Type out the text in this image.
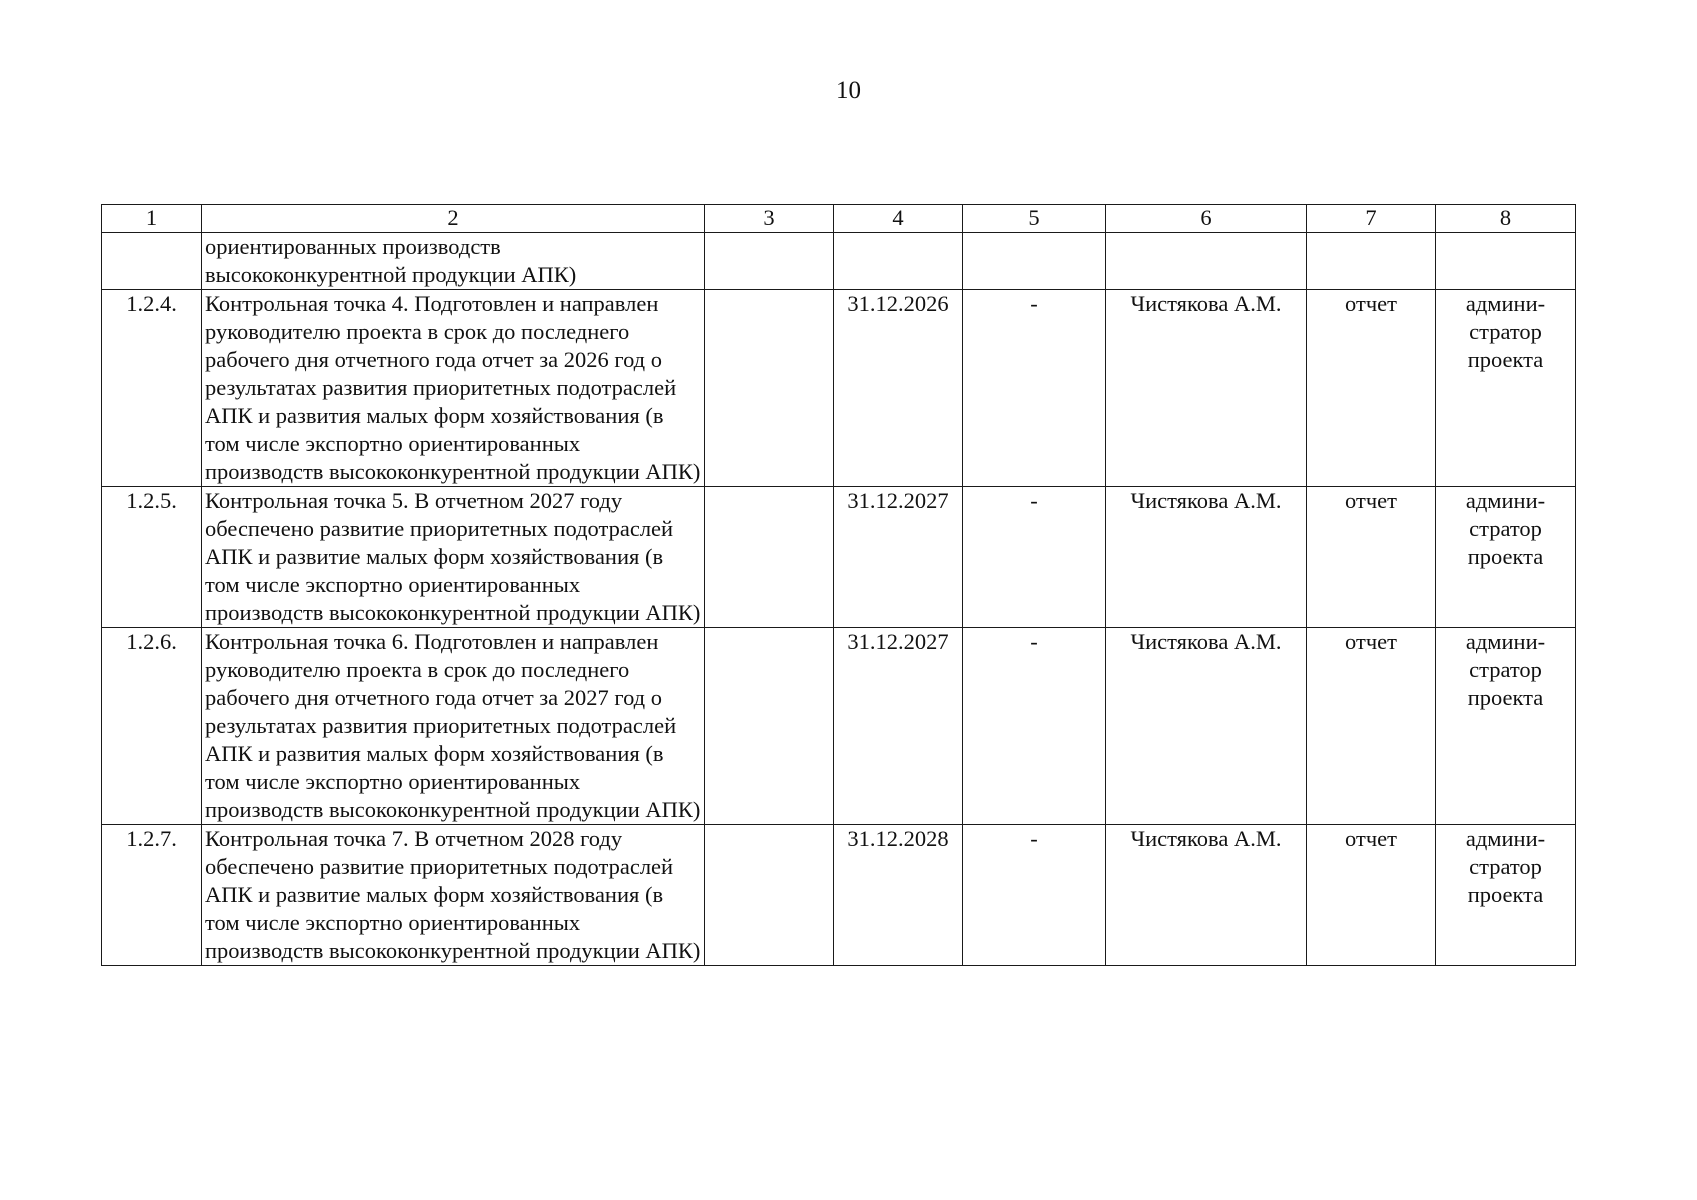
10
1	2	3	4	5	6	7	8
	ориентированных производств высококонкурентной продукции АПК)						
1.2.4.	Контрольная точка 4. Подготовлен и направлен руководителю проекта в срок до последнего рабочего дня отчетного года отчет за 2026 год о результатах развития приоритетных подотраслей АПК и развития малых форм хозяйствования (в том числе экспортно ориентированных производств высококонкурентной продукции АПК)		31.12.2026	-	Чистякова А.М.	отчет	админи-стратор проекта
1.2.5.	Контрольная точка 5. В отчетном 2027 году обеспечено развитие приоритетных подотраслей АПК и развитие малых форм хозяйствования (в том числе экспортно ориентированных производств высококонкурентной продукции АПК)		31.12.2027	-	Чистякова А.М.	отчет	админи-стратор проекта
1.2.6.	Контрольная точка 6. Подготовлен и направлен руководителю проекта в срок до последнего рабочего дня отчетного года отчет за 2027 год о результатах развития приоритетных подотраслей АПК и развития малых форм хозяйствования (в том числе экспортно ориентированных производств высококонкурентной продукции АПК)		31.12.2027	-	Чистякова А.М.	отчет	админи-стратор проекта
1.2.7.	Контрольная точка 7. В отчетном 2028 году обеспечено развитие приоритетных подотраслей АПК и развитие малых форм хозяйствования (в том числе экспортно ориентированных производств высококонкурентной продукции АПК)		31.12.2028	-	Чистякова А.М.	отчет	админи-стратор проекта
